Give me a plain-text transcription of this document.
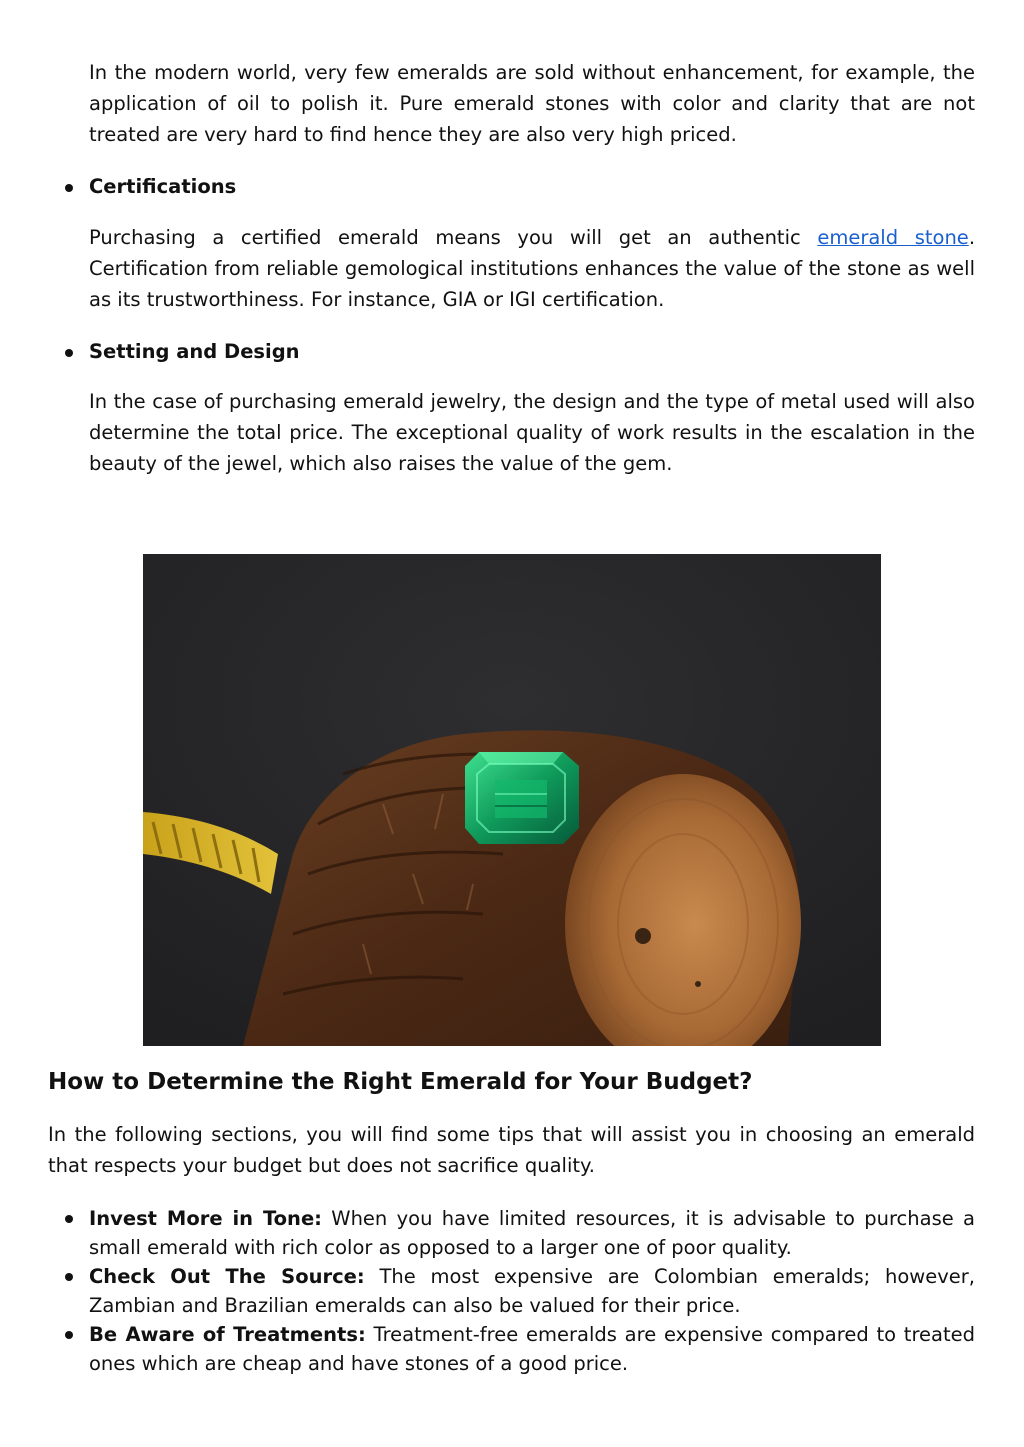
In the modern world, very few emeralds are sold without enhancement, for example, the application of oil to polish it. Pure emerald stones with color and clarity that are not treated are very hard to find hence they are also very high priced.

Certifications

Purchasing a certified emerald means you will get an authentic emerald stone. Certification from reliable gemological institutions enhances the value of the stone as well as its trustworthiness. For instance, GIA or IGI certification.

Setting and Design

In the case of purchasing emerald jewelry, the design and the type of metal used will also determine the total price. The exceptional quality of work results in the escalation in the beauty of the jewel, which also raises the value of the gem.

How to Determine the Right Emerald for Your Budget?

In the following sections, you will find some tips that will assist you in choosing an emerald that respects your budget but does not sacrifice quality.

Invest More in Tone: When you have limited resources, it is advisable to purchase a small emerald with rich color as opposed to a larger one of poor quality.
Check Out The Source: The most expensive are Colombian emeralds; however, Zambian and Brazilian emeralds can also be valued for their price.
Be Aware of Treatments: Treatment-free emeralds are expensive compared to treated ones which are cheap and have stones of a good price.
